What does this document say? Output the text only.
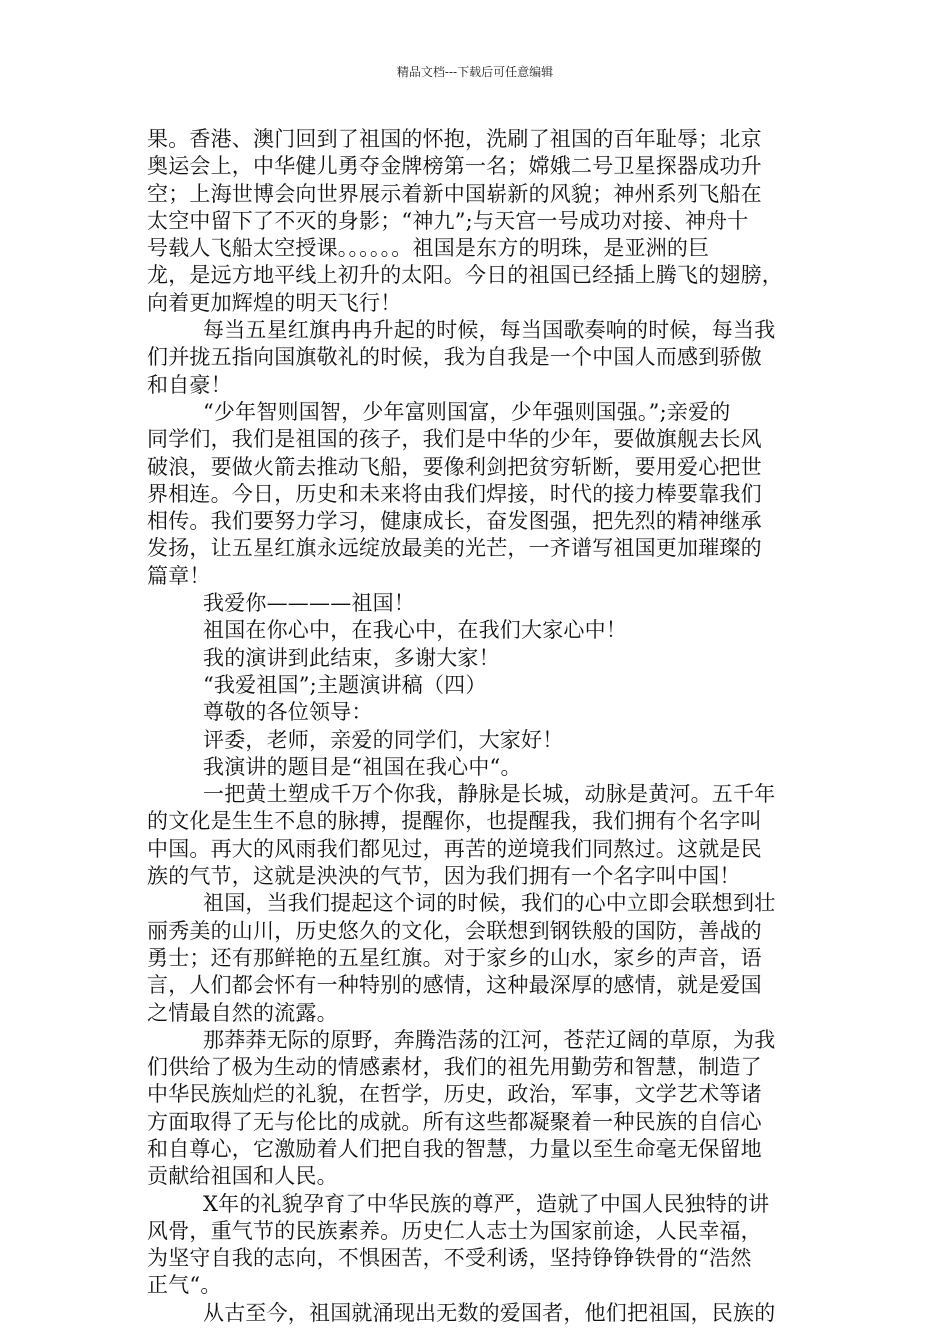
精品文档---下载后可任意编辑
果。香港、澳门回到了祖国的怀抱，洗刷了祖国的百年耻辱；北京
奥运会上，中华健儿勇夺金牌榜第一名；嫦娥二号卫星探器成功升
空；上海世博会向世界展示着新中国崭新的风貌；神州系列飞船在
太空中留下了不灭的身影；“神九”;与天宫一号成功对接、神舟十
号载人飞船太空授课。。。。。。祖国是东方的明珠，是亚洲的巨
龙，是远方地平线上初升的太阳。今日的祖国已经插上腾飞的翅膀，
向着更加辉煌的明天飞行！
每当五星红旗冉冉升起的时候，每当国歌奏响的时候，每当我
们并拢五指向国旗敬礼的时候，我为自我是一个中国人而感到骄傲
和自豪！
“少年智则国智，少年富则国富，少年强则国强。”;亲爱的
同学们，我们是祖国的孩子，我们是中华的少年，要做旗舰去长风
破浪，要做火箭去推动飞船，要像利剑把贫穷斩断，要用爱心把世
界相连。今日，历史和未来将由我们焊接，时代的接力棒要靠我们
相传。我们要努力学习，健康成长，奋发图强，把先烈的精神继承
发扬，让五星红旗永远绽放最美的光芒，一齐谱写祖国更加璀璨的
篇章！
我爱你————祖国！
祖国在你心中，在我心中，在我们大家心中！
我的演讲到此结束，多谢大家！
“我爱祖国”;主题演讲稿（四）
尊敬的各位领导：
评委，老师，亲爱的同学们，大家好！
我演讲的题目是“祖国在我心中“。
一把黄土塑成千万个你我，静脉是长城，动脉是黄河。五千年
的文化是生生不息的脉搏，提醒你，也提醒我，我们拥有个名字叫
中国。再大的风雨我们都见过，再苦的逆境我们同熬过。这就是民
族的气节，这就是泱泱的气节，因为我们拥有一个名字叫中国！
祖国，当我们提起这个词的时候，我们的心中立即会联想到壮
丽秀美的山川，历史悠久的文化，会联想到钢铁般的国防，善战的
勇士；还有那鲜艳的五星红旗。对于家乡的山水，家乡的声音，语
言，人们都会怀有一种特别的感情，这种最深厚的感情，就是爱国
之情最自然的流露。
那莽莽无际的原野，奔腾浩荡的江河，苍茫辽阔的草原，为我
们供给了极为生动的情感素材，我们的祖先用勤劳和智慧，制造了
中华民族灿烂的礼貌，在哲学，历史，政治，军事，文学艺术等诸
方面取得了无与伦比的成就。所有这些都凝聚着一种民族的自信心
和自尊心，它激励着人们把自我的智慧，力量以至生命毫无保留地
贡献给祖国和人民。
X年的礼貌孕育了中华民族的尊严，造就了中国人民独特的讲
风骨，重气节的民族素养。历史仁人志士为国家前途，人民幸福，
为坚守自我的志向，不惧困苦，不受利诱，坚持铮铮铁骨的“浩然
正气“。
从古至今，祖国就涌现出无数的爱国者，他们把祖国，民族的
